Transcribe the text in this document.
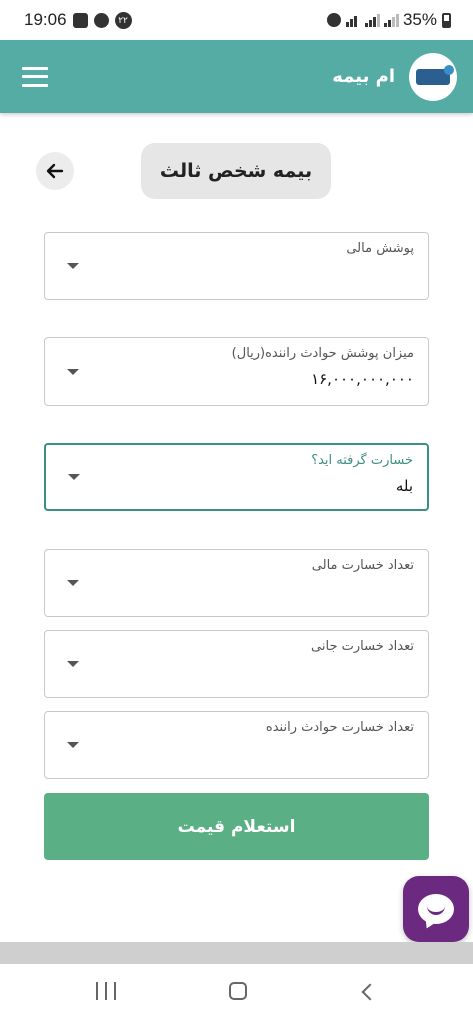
19:06	۲۲	35%
ام بیمه
بیمه شخص ثالث
پوشش مالی
میزان پوشش حوادث راننده(ریال)
۱۶,۰۰۰,۰۰۰,۰۰۰
خسارت گرفته اید؟
بله
تعداد خسارت مالی
تعداد خسارت جانی
تعداد خسارت حوادث راننده
استعلام قیمت
